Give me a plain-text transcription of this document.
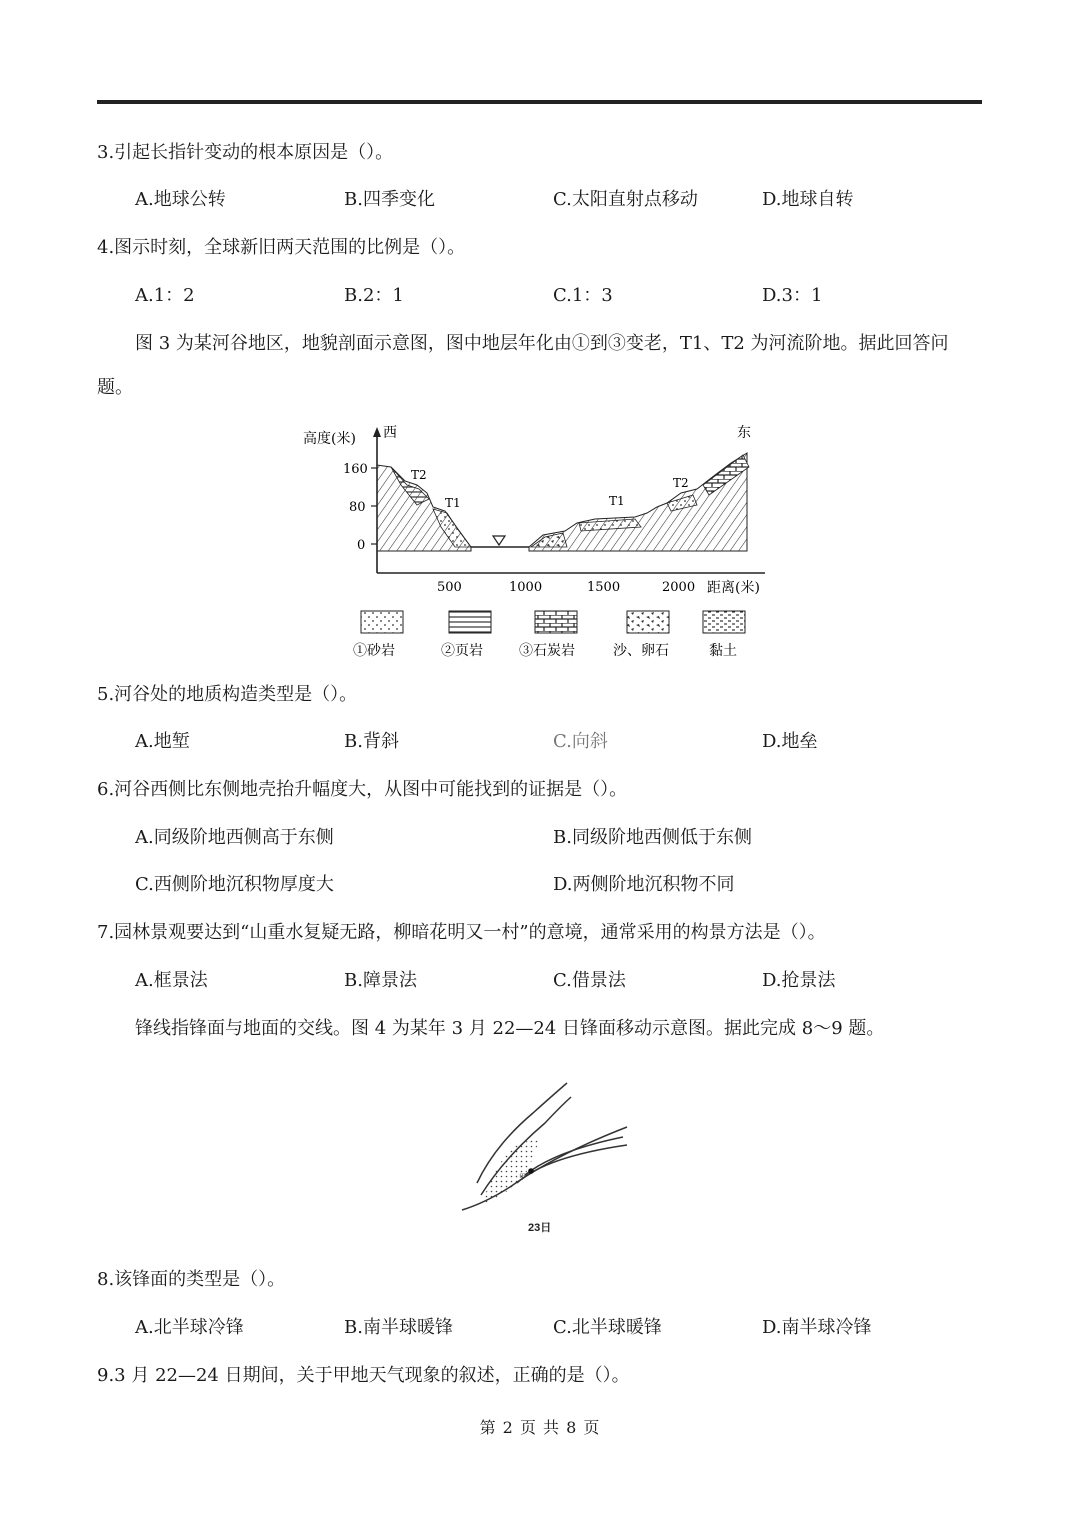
3.引起长指针变动的根本原因是（）。
A.地球公转	B.四季变化	C.太阳直射点移动	D.地球自转
4.图示时刻，全球新旧两天范围的比例是（）。
A.1：2	B.2：1	C.1：3	D.3：1
图 3 为某河谷地区，地貌剖面示意图，图中地层年化由①到③变老，T1、T2 为河流阶地。据此回答问
题。
高度(米) 西	东
160
80
0
500	1000	1500	2000 距离(米)
T2
T1	T1
T2
①砂岩	②页岩	③石炭岩	沙、卵石	黏土
5.河谷处的地质构造类型是（）。
A.地堑	B.背斜	C.向斜	D.地垒
6.河谷西侧比东侧地壳抬升幅度大，从图中可能找到的证据是（）。
A.同级阶地西侧高于东侧	B.同级阶地西侧低于东侧
C.西侧阶地沉积物厚度大	D.两侧阶地沉积物不同
7.园林景观要达到“山重水复疑无路，柳暗花明又一村”的意境，通常采用的构景方法是（）。
A.框景法	B.障景法	C.借景法	D.抢景法
锋线指锋面与地面的交线。图 4 为某年 3 月 22—24 日锋面移动示意图。据此完成 8～9 题。
甲
23日
8.该锋面的类型是（）。
A.北半球冷锋	B.南半球暖锋	C.北半球暖锋	D.南半球冷锋
9.3 月 22—24 日期间，关于甲地天气现象的叙述，正确的是（）。
第 2 页 共 8 页
